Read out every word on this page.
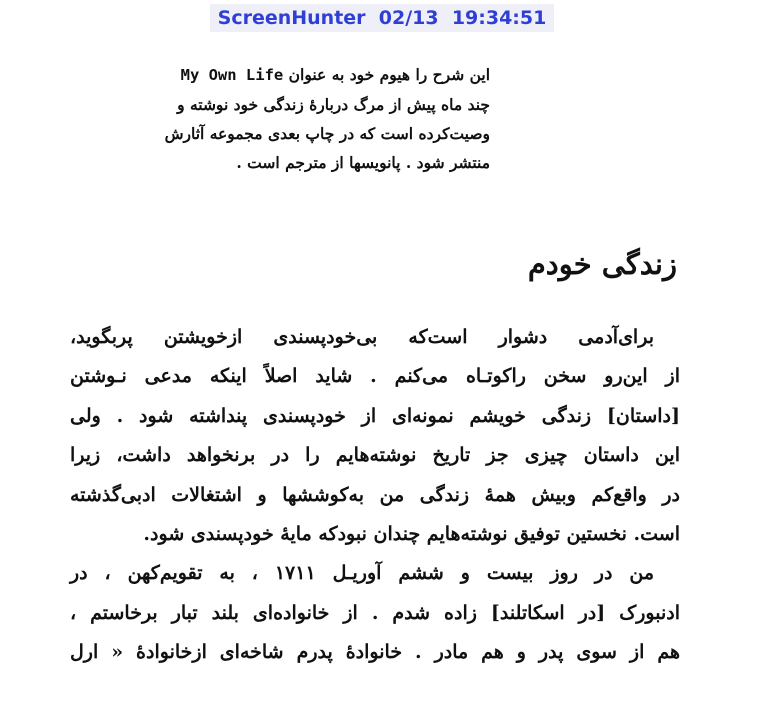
ScreenHunter  02/13  19:34:51
این شرح را هیوم خود به عنوان My Own Life
چند ماه پیش از مرگ دربارهٔ زندگی خود نوشته و
وصیت‌کرده است که در چاپ بعدی مجموعه آثارش
منتشر شود . پانویسها از مترجم است .
زندگی خودم
برای‌آدمی دشوار است‌که بی‌خودپسندی ازخویشتن پربگوید،
از این‌رو سخن راکوتـاه می‌کنم . شاید اصلاً اینکه مدعی نـوشتن
[داستان] زندگی خویشم نمونه‌ای از خودپسندی پنداشته شود . ولی
این داستان چیزی جز تاریخ نوشته‌هایم را در برنخواهد داشت، زیرا
در واقع‌کم وبیش همهٔ زندگی من به‌کوششها و اشتغالات ادبی‌گذشته
است. نخستین توفیق نوشته‌هایم چندان نبودکه مایهٔ خودپسندی شود.
من در روز بیست و ششم آوریـل ۱۷۱۱ ، به تقویم‌کهن ، در
ادنبورک [در اسکاتلند] زاده شدم . از خانواده‌ای بلند تبار برخاستم ،
هم از سوی پدر و هم مادر . خانوادهٔ پدرم شاخه‌ای ازخانوادهٔ « ارل
